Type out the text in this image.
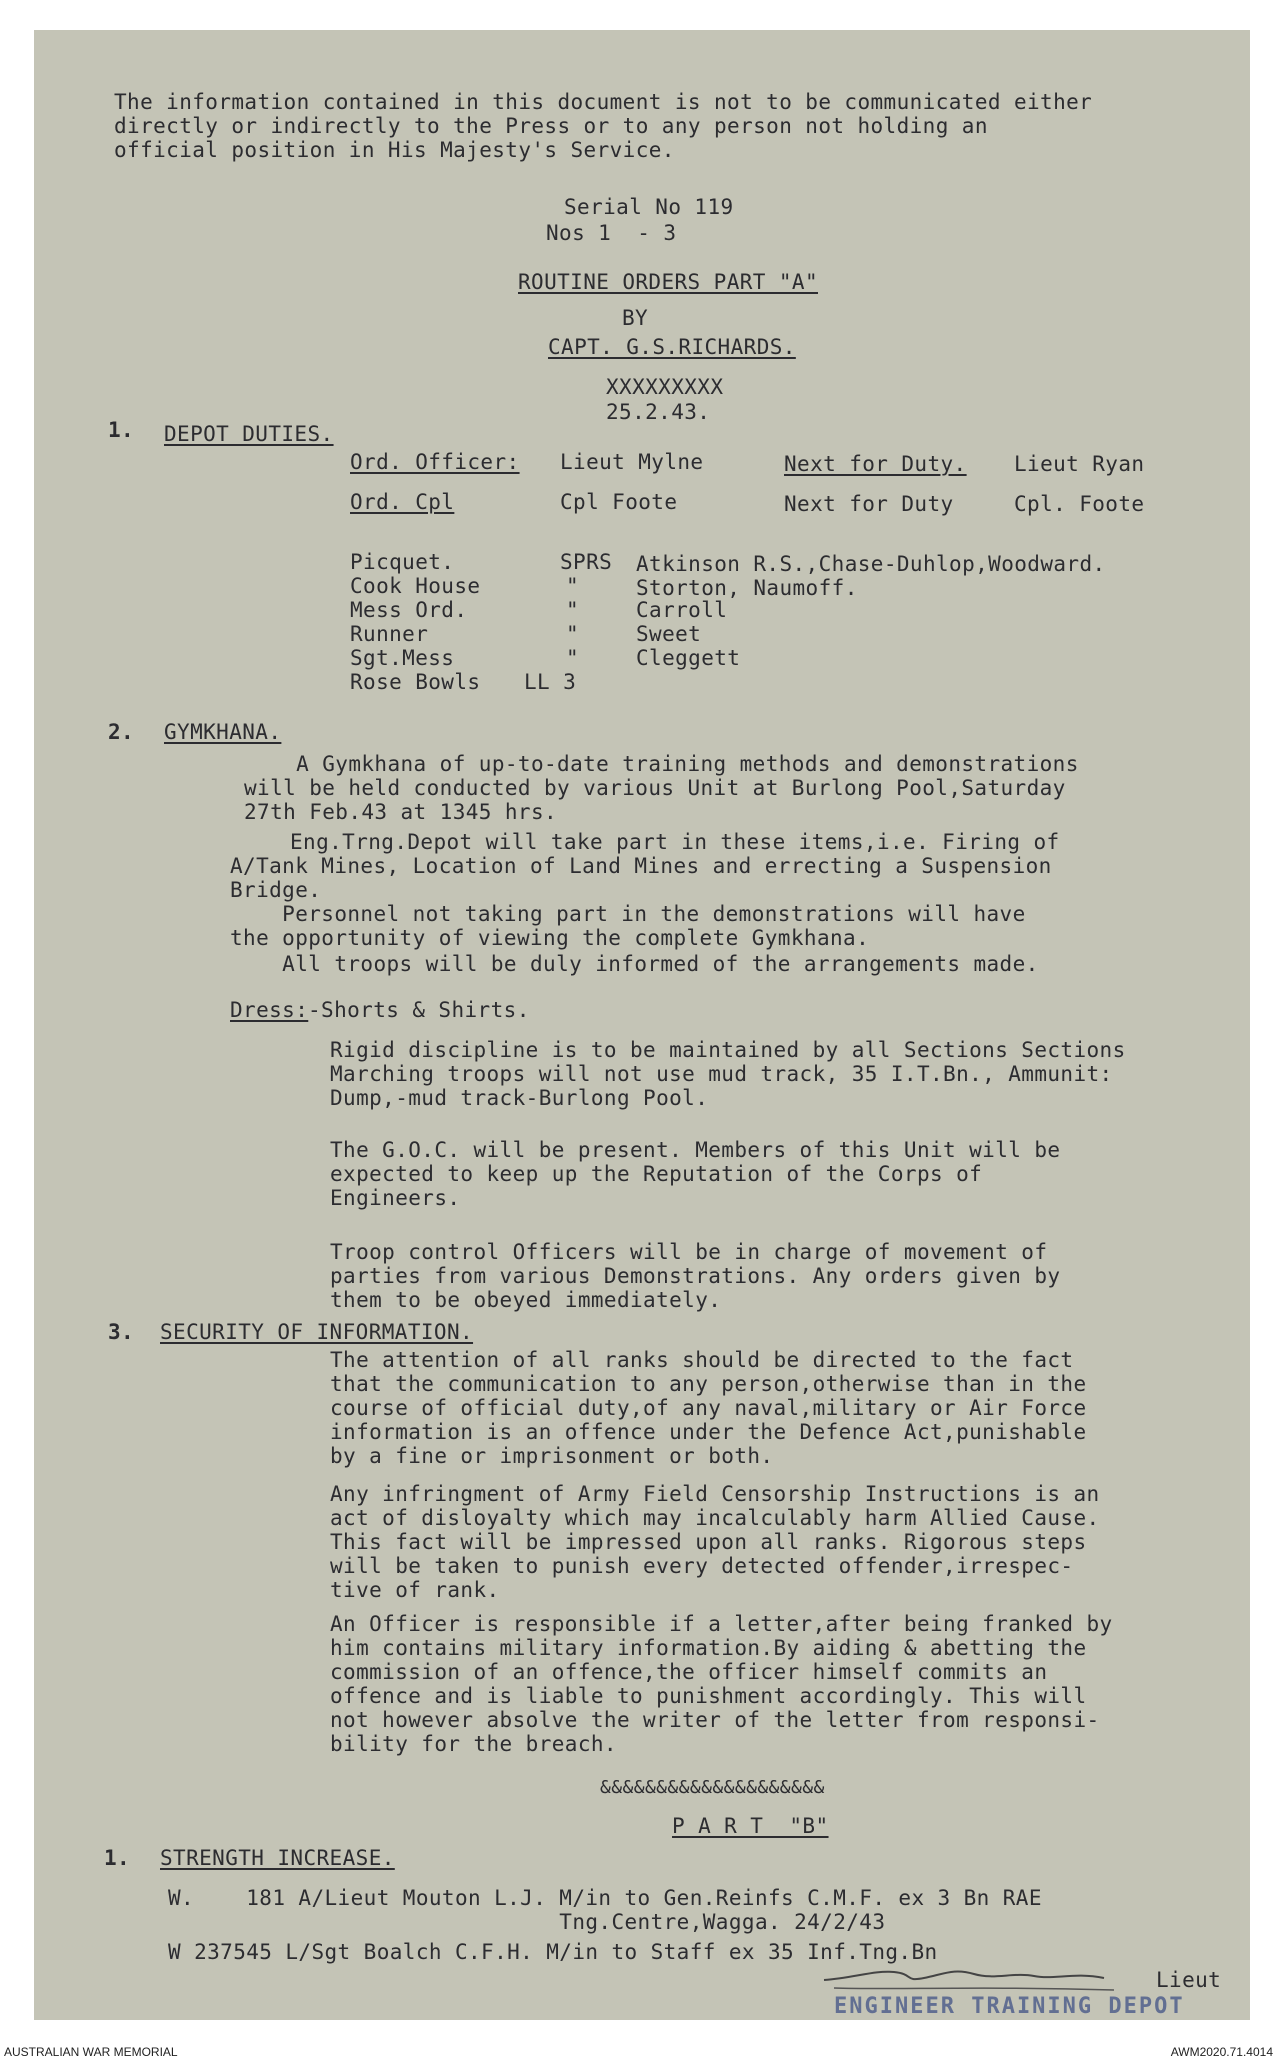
The information contained in this document is not to be communicated either
directly or indirectly to the Press or to any person not holding an
official position in His Majesty's Service.
Serial No 119
Nos 1  - 3
ROUTINE ORDERS PART "A"
BY
CAPT. G.S.RICHARDS.
XXXXXXXXX
25.2.43.
1. DEPOT DUTIES.
Ord. Officer: Lieut Mylne	Next for Duty. Lieut Ryan
Ord. Cpl	Cpl Foote	Next for Duty	Cpl. Foote
Picquet.	SPRS Atkinson R.S.,Chase-Duhlop,Woodward.
Cook House	"	Storton, Naumoff.
Mess Ord.	"	Carroll
Runner	"	Sweet
Sgt.Mess	"	Cleggett
Rose Bowls LL 3
2. GYMKHANA.
A Gymkhana of up-to-date training methods and demonstrations
will be held conducted by various Unit at Burlong Pool,Saturday
27th Feb.43 at 1345 hrs.
Eng.Trng.Depot will take part in these items,i.e. Firing of
A/Tank Mines, Location of Land Mines and errecting a Suspension
Bridge.
Personnel not taking part in the demonstrations will have
the opportunity of viewing the complete Gymkhana.
All troops will be duly informed of the arrangements made.
Dress: -Shorts & Shirts.
Rigid discipline is to be maintained by all Sections Sections
Marching troops will not use mud track, 35 I.T.Bn., Ammunit:
Dump,-mud track-Burlong Pool.
The G.O.C. will be present. Members of this Unit will be
expected to keep up the Reputation of the Corps of
Engineers.
Troop control Officers will be in charge of movement of
parties from various Demonstrations. Any orders given by
them to be obeyed immediately.
3. SECURITY OF INFORMATION.
The attention of all ranks should be directed to the fact
that the communication to any person,otherwise than in the
course of official duty,of any naval,military or Air Force
information is an offence under the Defence Act,punishable
by a fine or imprisonment or both.
Any infringment of Army Field Censorship Instructions is an
act of disloyalty which may incalculably harm Allied Cause.
This fact will be impressed upon all ranks. Rigorous steps
will be taken to punish every detected offender,irrespec-
tive of rank.
An Officer is responsible if a letter,after being franked by
him contains military information.By aiding & abetting the
commission of an offence,the officer himself commits an
offence and is liable to punishment accordingly. This will
not however absolve the writer of the letter from responsi-
bility for the breach.
&&&&&&&&&&&&&&&&&&&&
P A R T  "B"
1. STRENGTH INCREASE.
W.    181 A/Lieut Mouton L.J. M/in to Gen.Reinfs C.M.F. ex 3 Bn RAE
Tng.Centre,Wagga. 24/2/43
W 237545 L/Sgt Boalch C.F.H. M/in to Staff ex 35 Inf.Tng.Bn
Lieut
ENGINEER TRAINING DEPOT
AUSTRALIAN WAR MEMORIAL	AWM2020.71.4014
